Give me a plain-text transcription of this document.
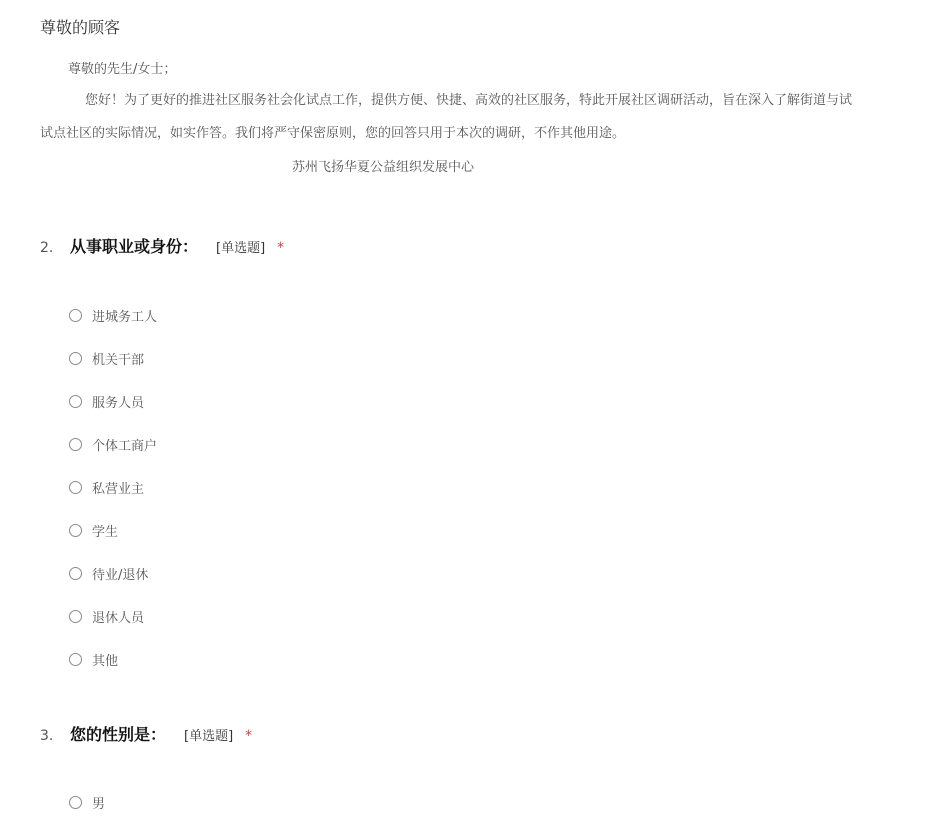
尊敬的顾客
尊敬的先生/女士；
您好！为了更好的推进社区服务社会化试点工作，提供方便、快捷、高效的社区服务，特此开展社区调研活动，旨在深入了解街道与试
试点社区的实际情况，如实作答。我们将严守保密原则，您的回答只用于本次的调研，不作其他用途。
苏州飞扬华夏公益组织发展中心
2.	从事职业或身份： [单选题] *
进城务工人
机关干部
服务人员
个体工商户
私营业主
学生
待业/退休
退休人员
其他
3.	您的性别是： [单选题] *
男
